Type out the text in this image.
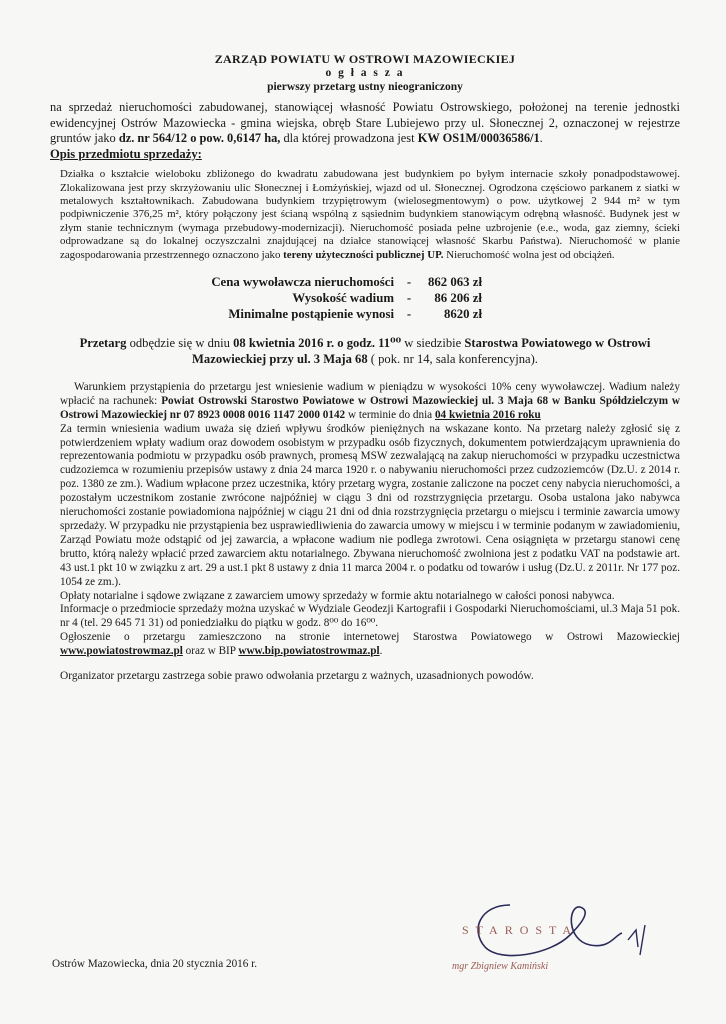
ZARZĄD POWIATU W OSTROWI MAZOWIECKIEJ
o g ł a s z a
pierwszy przetarg ustny nieograniczony
na sprzedaż nieruchomości zabudowanej, stanowiącej własność Powiatu Ostrowskiego, położonej na terenie jednostki ewidencyjnej Ostrów Mazowiecka - gmina wiejska, obręb Stare Lubiejewo przy ul. Słonecznej 2, oznaczonej w rejestrze gruntów jako dz. nr 564/12 o pow. 0,6147 ha, dla której prowadzona jest KW OS1M/00036586/1.
Opis przedmiotu sprzedaży:
Działka o kształcie wieloboku zbliżonego do kwadratu zabudowana jest budynkiem po byłym internacie szkoły ponadpodstawowej. Zlokalizowana jest przy skrzyżowaniu ulic Słonecznej i Łomżyńskiej, wjazd od ul. Słonecznej. Ogrodzona częściowo parkanem z siatki w metalowych kształtownikach. Zabudowana budynkiem trzypiętrowym (wielosegmentowym) o pow. użytkowej 2 944 m² w tym podpiwniczenie 376,25 m², który połączony jest ścianą wspólną z sąsiednim budynkiem stanowiącym odrębną własność. Budynek jest w złym stanie technicznym (wymaga przebudowy-modernizacji). Nieruchomość posiada pełne uzbrojenie (e.e., woda, gaz ziemny, ścieki odprowadzane są do lokalnej oczyszczalni znajdującej na działce stanowiącej własność Skarbu Państwa). Nieruchomość w planie zagospodarowania przestrzennego oznaczono jako tereny użyteczności publicznej UP. Nieruchomość wolna jest od obciążeń.
Cena wywoławcza nieruchomości	-	862 063 zł
Wysokość wadium	-	86 206 zł
Minimalne postąpienie wynosi	-	8620 zł
Przetarg odbędzie się w dniu 08 kwietnia 2016 r. o godz. 11⁰⁰ w siedzibie Starostwa Powiatowego w Ostrowi Mazowieckiej przy ul. 3 Maja 68 ( pok. nr 14, sala konferencyjna).

Warunkiem przystąpienia do przetargu jest wniesienie wadium w pieniądzu w wysokości 10% ceny wywoławczej. Wadium należy wpłacić na rachunek: Powiat Ostrowski Starostwo Powiatowe w Ostrowi Mazowieckiej ul. 3 Maja 68 w Banku Spółdzielczym w Ostrowi Mazowieckiej nr 07 8923 0008 0016 1147 2000 0142 w terminie do dnia 04 kwietnia 2016 roku

Za termin wniesienia wadium uważa się dzień wpływu środków pieniężnych na wskazane konto. Na przetarg należy zgłosić się z potwierdzeniem wpłaty wadium oraz dowodem osobistym w przypadku osób fizycznych, dokumentem potwierdzającym uprawnienia do reprezentowania podmiotu w przypadku osób prawnych, promesą MSW zezwalającą na zakup nieruchomości w przypadku uczestnictwa cudzoziemca w rozumieniu przepisów ustawy z dnia 24 marca 1920 r. o nabywaniu nieruchomości przez cudzoziemców (Dz.U. z 2014 r. poz. 1380 ze zm.). Wadium wpłacone przez uczestnika, który przetarg wygra, zostanie zaliczone na poczet ceny nabycia nieruchomości, a pozostałym uczestnikom zostanie zwrócone najpóźniej w ciągu 3 dni od rozstrzygnięcia przetargu. Osoba ustalona jako nabywca nieruchomości zostanie powiadomiona najpóźniej w ciągu 21 dni od dnia rozstrzygnięcia przetargu o miejscu i terminie zawarcia umowy sprzedaży. W przypadku nie przystąpienia bez usprawiedliwienia do zawarcia umowy w miejscu i w terminie podanym w zawiadomieniu, Zarząd Powiatu może odstąpić od jej zawarcia, a wpłacone wadium nie podlega zwrotowi. Cena osiągnięta w przetargu stanowi cenę brutto, którą należy wpłacić przed zawarciem aktu notarialnego. Zbywana nieruchomość zwolniona jest z podatku VAT na podstawie art. 43 ust.1 pkt 10 w związku z art. 29 a ust.1 pkt 8 ustawy z dnia 11 marca 2004 r. o podatku od towarów i usług (Dz.U. z 2011r. Nr 177 poz. 1054 ze zm.).

Opłaty notarialne i sądowe związane z zawarciem umowy sprzedaży w formie aktu notarialnego w całości ponosi nabywca.

Informacje o przedmiocie sprzedaży można uzyskać w Wydziale Geodezji Kartografii i Gospodarki Nieruchomościami, ul.3 Maja 51 pok. nr 4 (tel. 29 645 71 31) od poniedziałku do piątku w godz. 8⁰⁰ do 16⁰⁰.

Ogłoszenie o przetargu zamieszczono na stronie internetowej Starostwa Powiatowego w Ostrowi Mazowieckiej www.powiatostrowmaz.pl oraz w BIP www.bip.powiatostrowmaz.pl.

Organizator przetargu zastrzega sobie prawo odwołania przetargu z ważnych, uzasadnionych powodów.
Ostrów Mazowiecka, dnia 20 stycznia 2016 r.
STAROSTA
mgr Zbigniew Kamiński
